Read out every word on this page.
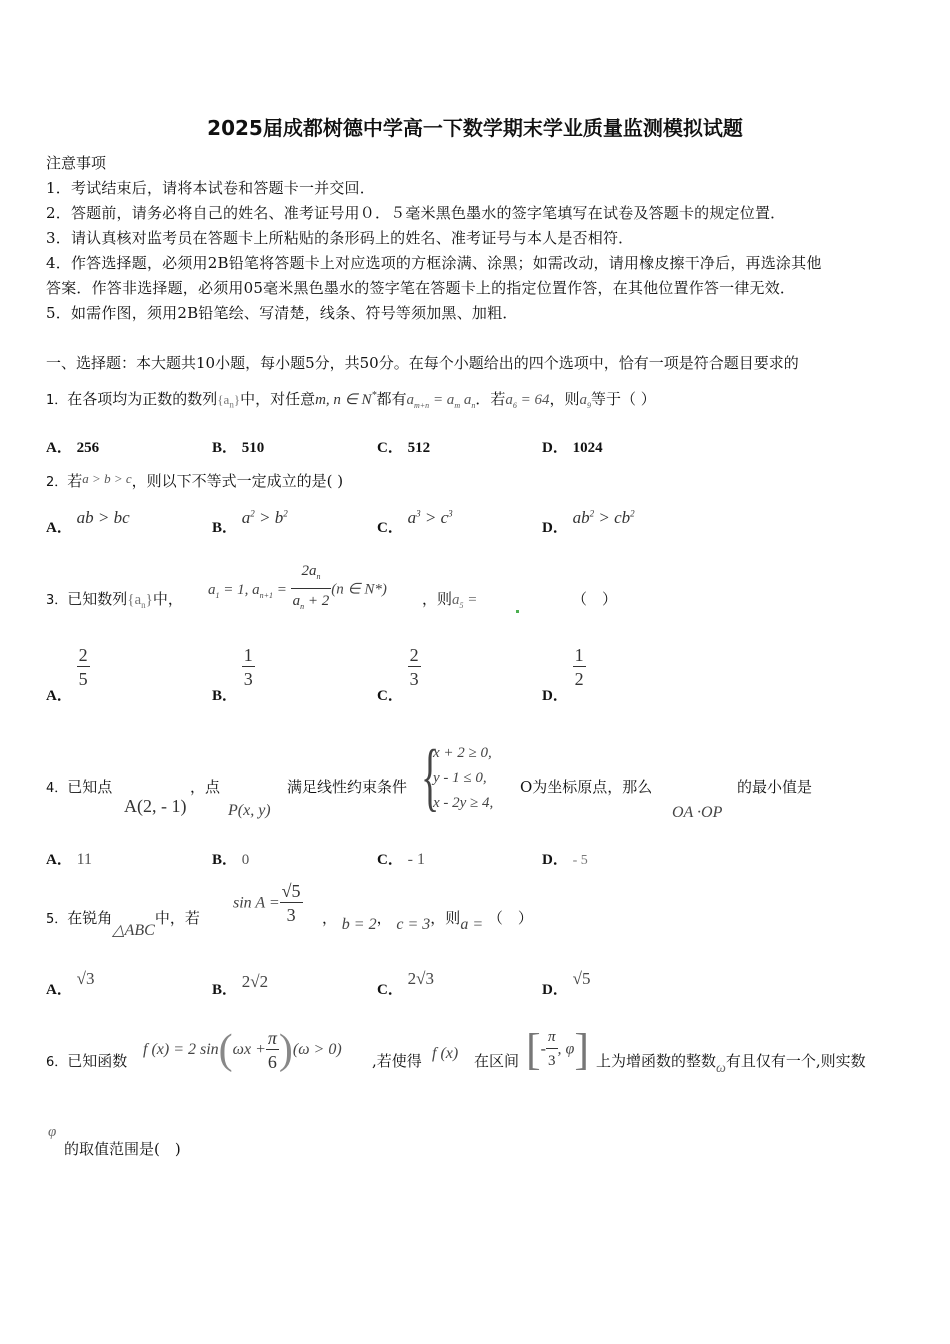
2025届成都树德中学高一下数学期末学业质量监测模拟试题
注意事项
1．考试结束后，请将本试卷和答题卡一并交回．
2．答题前，请务必将自己的姓名、准考证号用０．５毫米黑色墨水的签字笔填写在试卷及答题卡的规定位置．
3．请认真核对监考员在答题卡上所粘贴的条形码上的姓名、准考证号与本人是否相符．
4．作答选择题，必须用2B铅笔将答题卡上对应选项的方框涂满、涂黑；如需改动，请用橡皮擦干净后，再选涂其他
答案．作答非选择题，必须用05毫米黑色墨水的签字笔在答题卡上的指定位置作答，在其他位置作答一律无效．
5．如需作图，须用2B铅笔绘、写清楚，线条、符号等须加黑、加粗．
一、选择题：本大题共10小题，每小题5分，共50分。在每个小题给出的四个选项中，恰有一项是符合题目要求的
1．在各项均为正数的数列$\{a_n\}$中，对任意m, n ∈ N*都有$a_{m+n} = a_m$ $a_n$．若$a_6 = 64$，则$a_9$等于（ ）
A． 256	B． 510	C． 512	D． 1024
2．若a > b > c，则以下不等式一定成立的是( )
A． ab > bc
B． $a^2 > b^2$
C． $a^3 > c^3$
D． $ab^2 > cb^2$
3．已知数列$\{a_n\}$中，
$a_1 = 1$, $a_{n+1} = \frac{2a_n}{a_n + 2} (n$ ∈ N*)
，则$a_5$ =	（　）
A．
$\frac{2}{5}$
B．
$\frac{1}{3}$
C．
$\frac{2}{3}$
D．
$\frac{1}{2}$
4．已知点
A(2, - 1)
，点
P(x, y)
满足线性约束条件 {
x + 2 ≥ 0,
y - 1 ≤ 0,
x - 2y ≥ 4,
O为坐标原点，那么	的最小值是
OA ·OP
A． 11	B． 0	C． - 1	D． - 5
5．在锐角△ABC中，若
$\sin A = \frac{√5}{3}$ ， b = 2， c = 3，则a = （　）
A． √3
B． 2√2	C． 2√3
D． √5
6．已知函数
f (x) = 2 $\sin(\omega x + \frac{\pi}{6} )(\omega > 0)$
,若使得 f (x) 在区间 [- $\frac{\pi}{3}$ , φ] 上为增函数的整数ω有且仅有一个,则实数
φ
的取值范围是(　)
